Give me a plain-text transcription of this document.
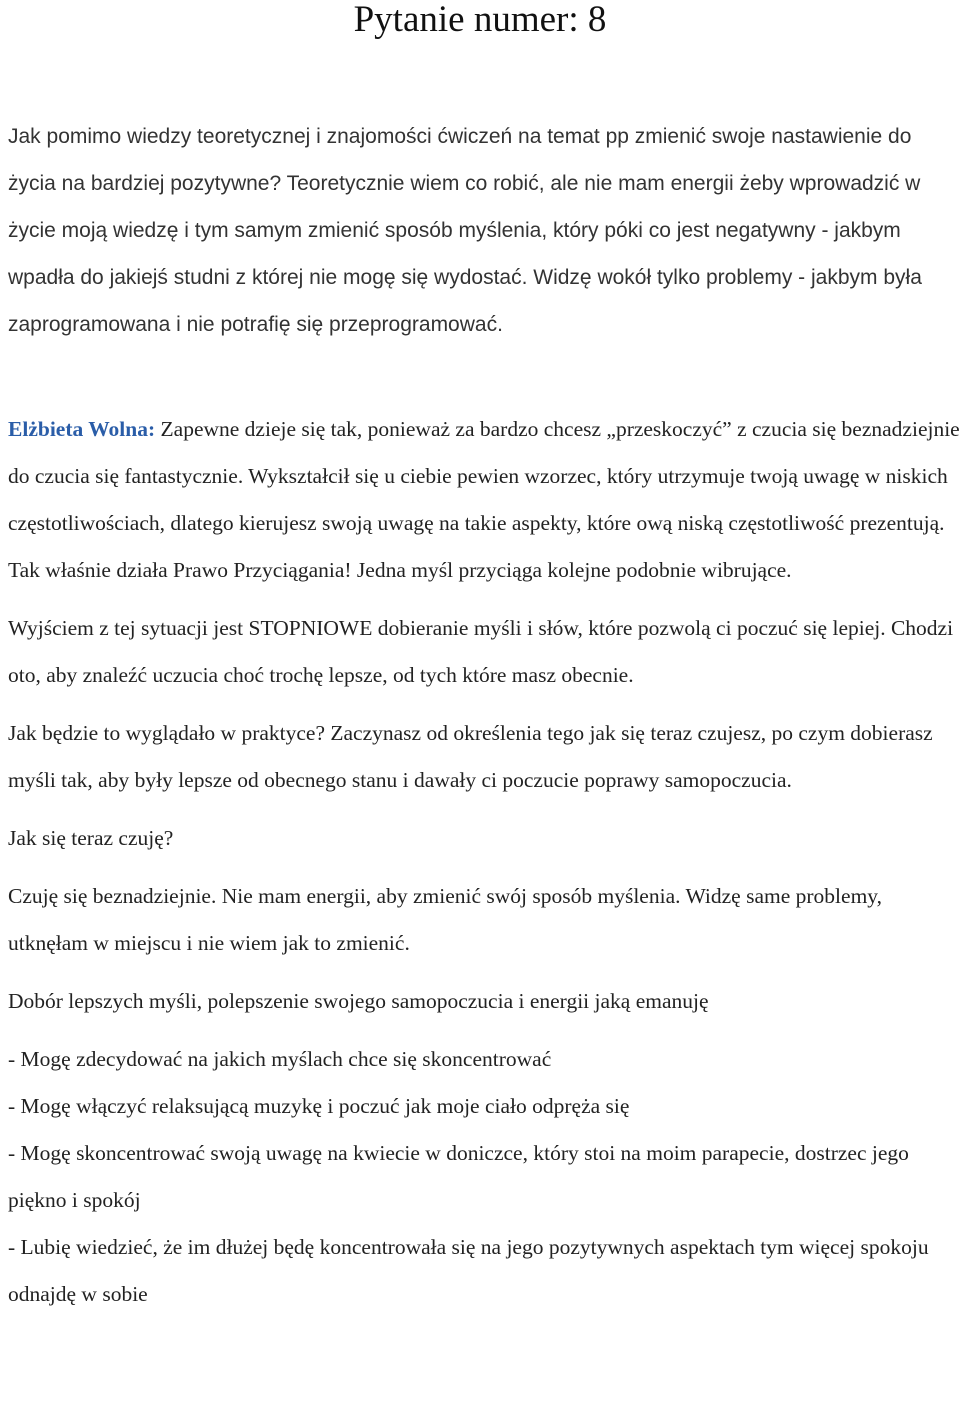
Pytanie numer: 8

Jak pomimo wiedzy teoretycznej i znajomości ćwiczeń na temat pp zmienić swoje nastawienie do życia na bardziej pozytywne? Teoretycznie wiem co robić, ale nie mam energii żeby wprowadzić w życie moją wiedzę i tym samym zmienić sposób myślenia, który póki co jest negatywny - jakbym wpadła do jakiejś studni z której nie mogę się wydostać. Widzę wokół tylko problemy - jakbym była zaprogramowana i nie potrafię się przeprogramować.

Elżbieta Wolna: Zapewne dzieje się tak, ponieważ za bardzo chcesz „przeskoczyć” z czucia się beznadziejnie do czucia się fantastycznie. Wykształcił się u ciebie pewien wzorzec, który utrzymuje twoją uwagę w niskich częstotliwościach, dlatego kierujesz swoją uwagę na takie aspekty, które ową niską częstotliwość prezentują. Tak właśnie działa Prawo Przyciągania! Jedna myśl przyciąga kolejne podobnie wibrujące.

Wyjściem z tej sytuacji jest STOPNIOWE dobieranie myśli i słów, które pozwolą ci poczuć się lepiej. Chodzi oto, aby znaleźć uczucia choć trochę lepsze, od tych które masz obecnie.

Jak będzie to wyglądało w praktyce? Zaczynasz od określenia tego jak się teraz czujesz, po czym dobierasz myśli tak, aby były lepsze od obecnego stanu i dawały ci poczucie poprawy samopoczucia.

Jak się teraz czuję?

Czuję się beznadziejnie. Nie mam energii, aby zmienić swój sposób myślenia. Widzę same problemy, utknęłam w miejscu i nie wiem jak to zmienić.

Dobór lepszych myśli, polepszenie swojego samopoczucia i energii jaką emanuję

- Mogę zdecydować na jakich myślach chce się skoncentrować
- Mogę włączyć relaksującą muzykę i poczuć jak moje ciało odpręża się
- Mogę skoncentrować swoją uwagę na kwiecie w doniczce, który stoi na moim parapecie, dostrzec jego piękno i spokój
- Lubię wiedzieć, że im dłużej będę koncentrowała się na jego pozytywnych aspektach tym więcej spokoju odnajdę w sobie
